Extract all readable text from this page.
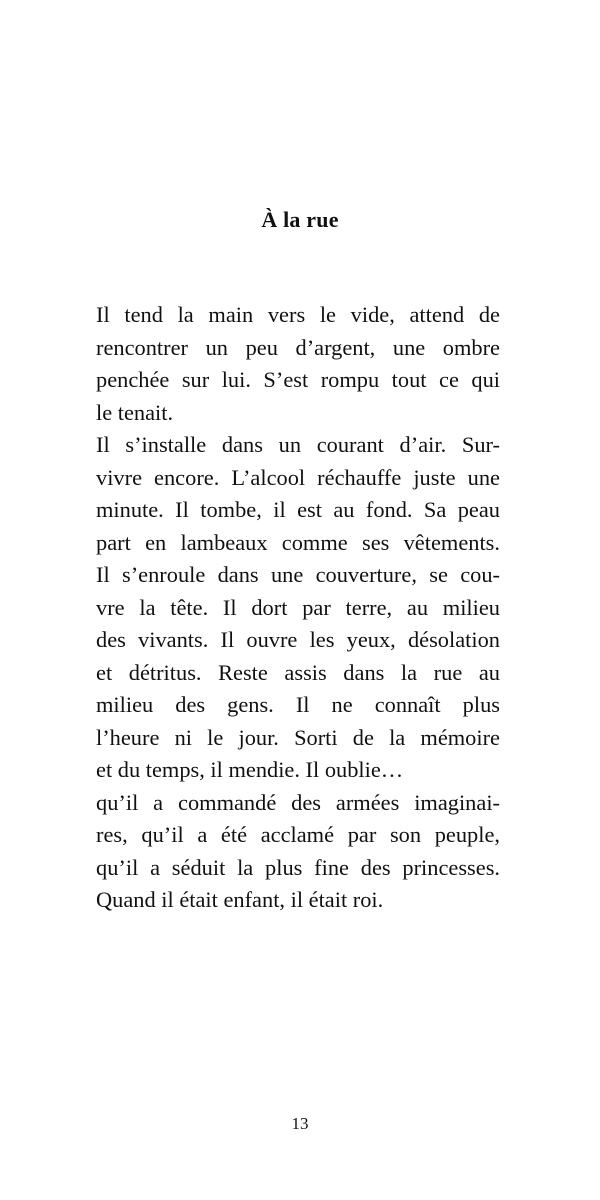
À la rue
Il tend la main vers le vide, attend de
rencontrer un peu d’argent, une ombre
penchée sur lui. S’est rompu tout ce qui
le tenait.
Il s’installe dans un courant d’air. Sur-
vivre encore. L’alcool réchauffe juste une
minute. Il tombe, il est au fond. Sa peau
part en lambeaux comme ses vêtements.
Il s’enroule dans une couverture, se cou-
vre la tête. Il dort par terre, au milieu
des vivants. Il ouvre les yeux, désolation
et détritus. Reste assis dans la rue au
milieu des gens. Il ne connaît plus
l’heure ni le jour. Sorti de la mémoire
et du temps, il mendie. Il oublie…
qu’il a commandé des armées imaginai-
res, qu’il a été acclamé par son peuple,
qu’il a séduit la plus fine des princesses.
Quand il était enfant, il était roi.
13
